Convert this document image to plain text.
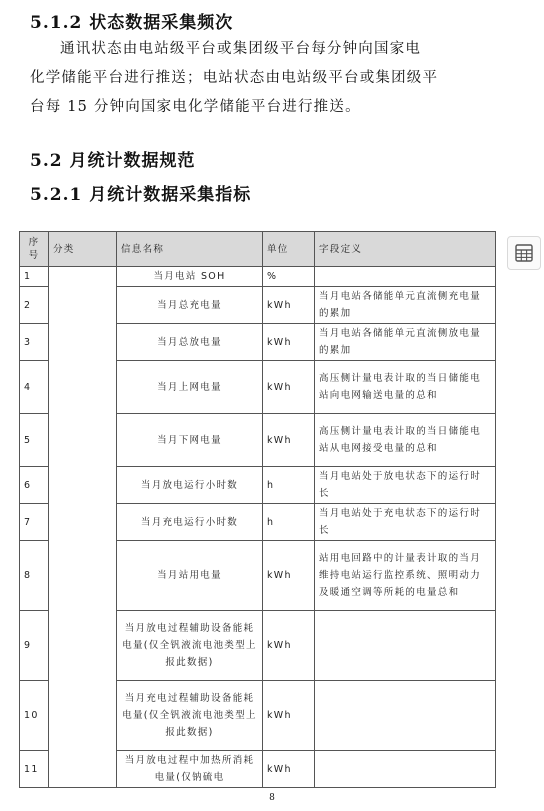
5.1.2 状态数据采集频次

通讯状态由电站级平台或集团级平台每分钟向国家电
化学储能平台进行推送；电站状态由电站级平台或集团级平
台每 15 分钟向国家电化学储能平台进行推送。

5.2 月统计数据规范
5.2.1 月统计数据采集指标
序
号	分类	信息名称	单位	字段定义
1		当月电站 SOH	%	
2		当月总充电量	kWh	当月电站各储能单元直流侧充电量的累加
3		当月总放电量	kWh	当月电站各储能单元直流侧放电量的累加
4		当月上网电量	kWh	高压侧计量电表计取的当日储能电站向电网输送电量的总和
5		当月下网电量	kWh	高压侧计量电表计取的当日储能电站从电网接受电量的总和
6		当月放电运行小时数	h	当月电站处于放电状态下的运行时长
7		当月充电运行小时数	h	当月电站处于充电状态下的运行时长
8		当月站用电量	kWh	站用电回路中的计量表计取的当月维持电站运行监控系统、照明动力及暖通空调等所耗的电量总和
9		当月放电过程辅助设备能耗电量(仅全钒液流电池类型上报此数据)	kWh	
10		当月充电过程辅助设备能耗电量(仅全钒液流电池类型上报此数据)	kWh	
11		当月放电过程中加热所消耗电量(仅钠硫电	kWh	
8
